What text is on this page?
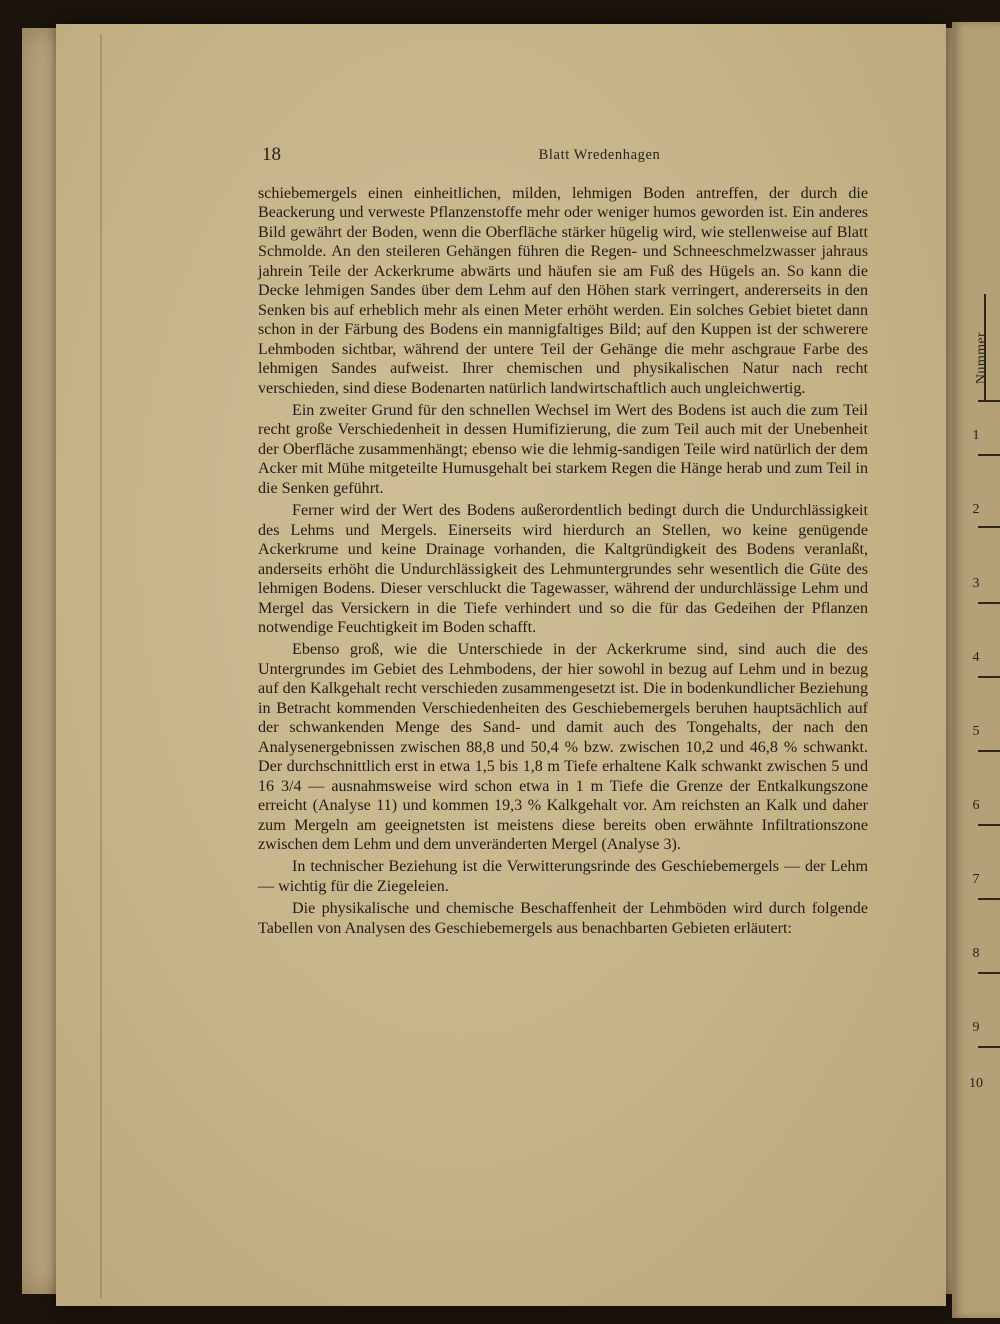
18	Blatt Wredenhagen

schiebemergels einen einheitlichen, milden, lehmigen Boden antreffen, der durch die Beackerung und verweste Pflanzenstoffe mehr oder weniger humos geworden ist. Ein anderes Bild gewährt der Boden, wenn die Oberfläche stärker hügelig wird, wie stellenweise auf Blatt Schmolde. An den steileren Gehängen führen die Regen- und Schneeschmelzwasser jahraus jahrein Teile der Ackerkrume abwärts und häufen sie am Fuß des Hügels an. So kann die Decke lehmigen Sandes über dem Lehm auf den Höhen stark verringert, andererseits in den Senken bis auf erheblich mehr als einen Meter erhöht werden. Ein solches Gebiet bietet dann schon in der Färbung des Bodens ein mannigfaltiges Bild; auf den Kuppen ist der schwerere Lehmboden sichtbar, während der untere Teil der Gehänge die mehr aschgraue Farbe des lehmigen Sandes aufweist. Ihrer chemischen und physikalischen Natur nach recht verschieden, sind diese Bodenarten natürlich landwirtschaftlich auch ungleichwertig.

Ein zweiter Grund für den schnellen Wechsel im Wert des Bodens ist auch die zum Teil recht große Verschiedenheit in dessen Humifizierung, die zum Teil auch mit der Unebenheit der Oberfläche zusammenhängt; ebenso wie die lehmig-sandigen Teile wird natürlich der dem Acker mit Mühe mitgeteilte Humusgehalt bei starkem Regen die Hänge herab und zum Teil in die Senken geführt.

Ferner wird der Wert des Bodens außerordentlich bedingt durch die Undurchlässigkeit des Lehms und Mergels. Einerseits wird hierdurch an Stellen, wo keine genügende Ackerkrume und keine Drainage vorhanden, die Kaltgründigkeit des Bodens veranlaßt, anderseits erhöht die Undurchlässigkeit des Lehmuntergrundes sehr wesentlich die Güte des lehmigen Bodens. Dieser verschluckt die Tagewasser, während der undurchlässige Lehm und Mergel das Versickern in die Tiefe verhindert und so die für das Gedeihen der Pflanzen notwendige Feuchtigkeit im Boden schafft.

Ebenso groß, wie die Unterschiede in der Ackerkrume sind, sind auch die des Untergrundes im Gebiet des Lehmbodens, der hier sowohl in bezug auf Lehm und in bezug auf den Kalkgehalt recht verschieden zusammengesetzt ist. Die in bodenkundlicher Beziehung in Betracht kommenden Verschiedenheiten des Geschiebemergels beruhen hauptsächlich auf der schwankenden Menge des Sand- und damit auch des Tongehalts, der nach den Analysenergebnissen zwischen 88,8 und 50,4 % bzw. zwischen 10,2 und 46,8 % schwankt. Der durchschnittlich erst in etwa 1,5 bis 1,8 m Tiefe erhaltene Kalk schwankt zwischen 5 und 16 3/4 — ausnahmsweise wird schon etwa in 1 m Tiefe die Grenze der Entkalkungszone erreicht (Analyse 11) und kommen 19,3 % Kalkgehalt vor. Am reichsten an Kalk und daher zum Mergeln am geeignetsten ist meistens diese bereits oben erwähnte Infiltrationszone zwischen dem Lehm und dem unveränderten Mergel (Analyse 3).

In technischer Beziehung ist die Verwitterungsrinde des Geschiebemergels — der Lehm — wichtig für die Ziegeleien.

Die physikalische und chemische Beschaffenheit der Lehmböden wird durch folgende Tabellen von Analysen des Geschiebemergels aus benachbarten Gebieten erläutert:

Nummer
1
2
3
4
5
6
7
8
9
10
